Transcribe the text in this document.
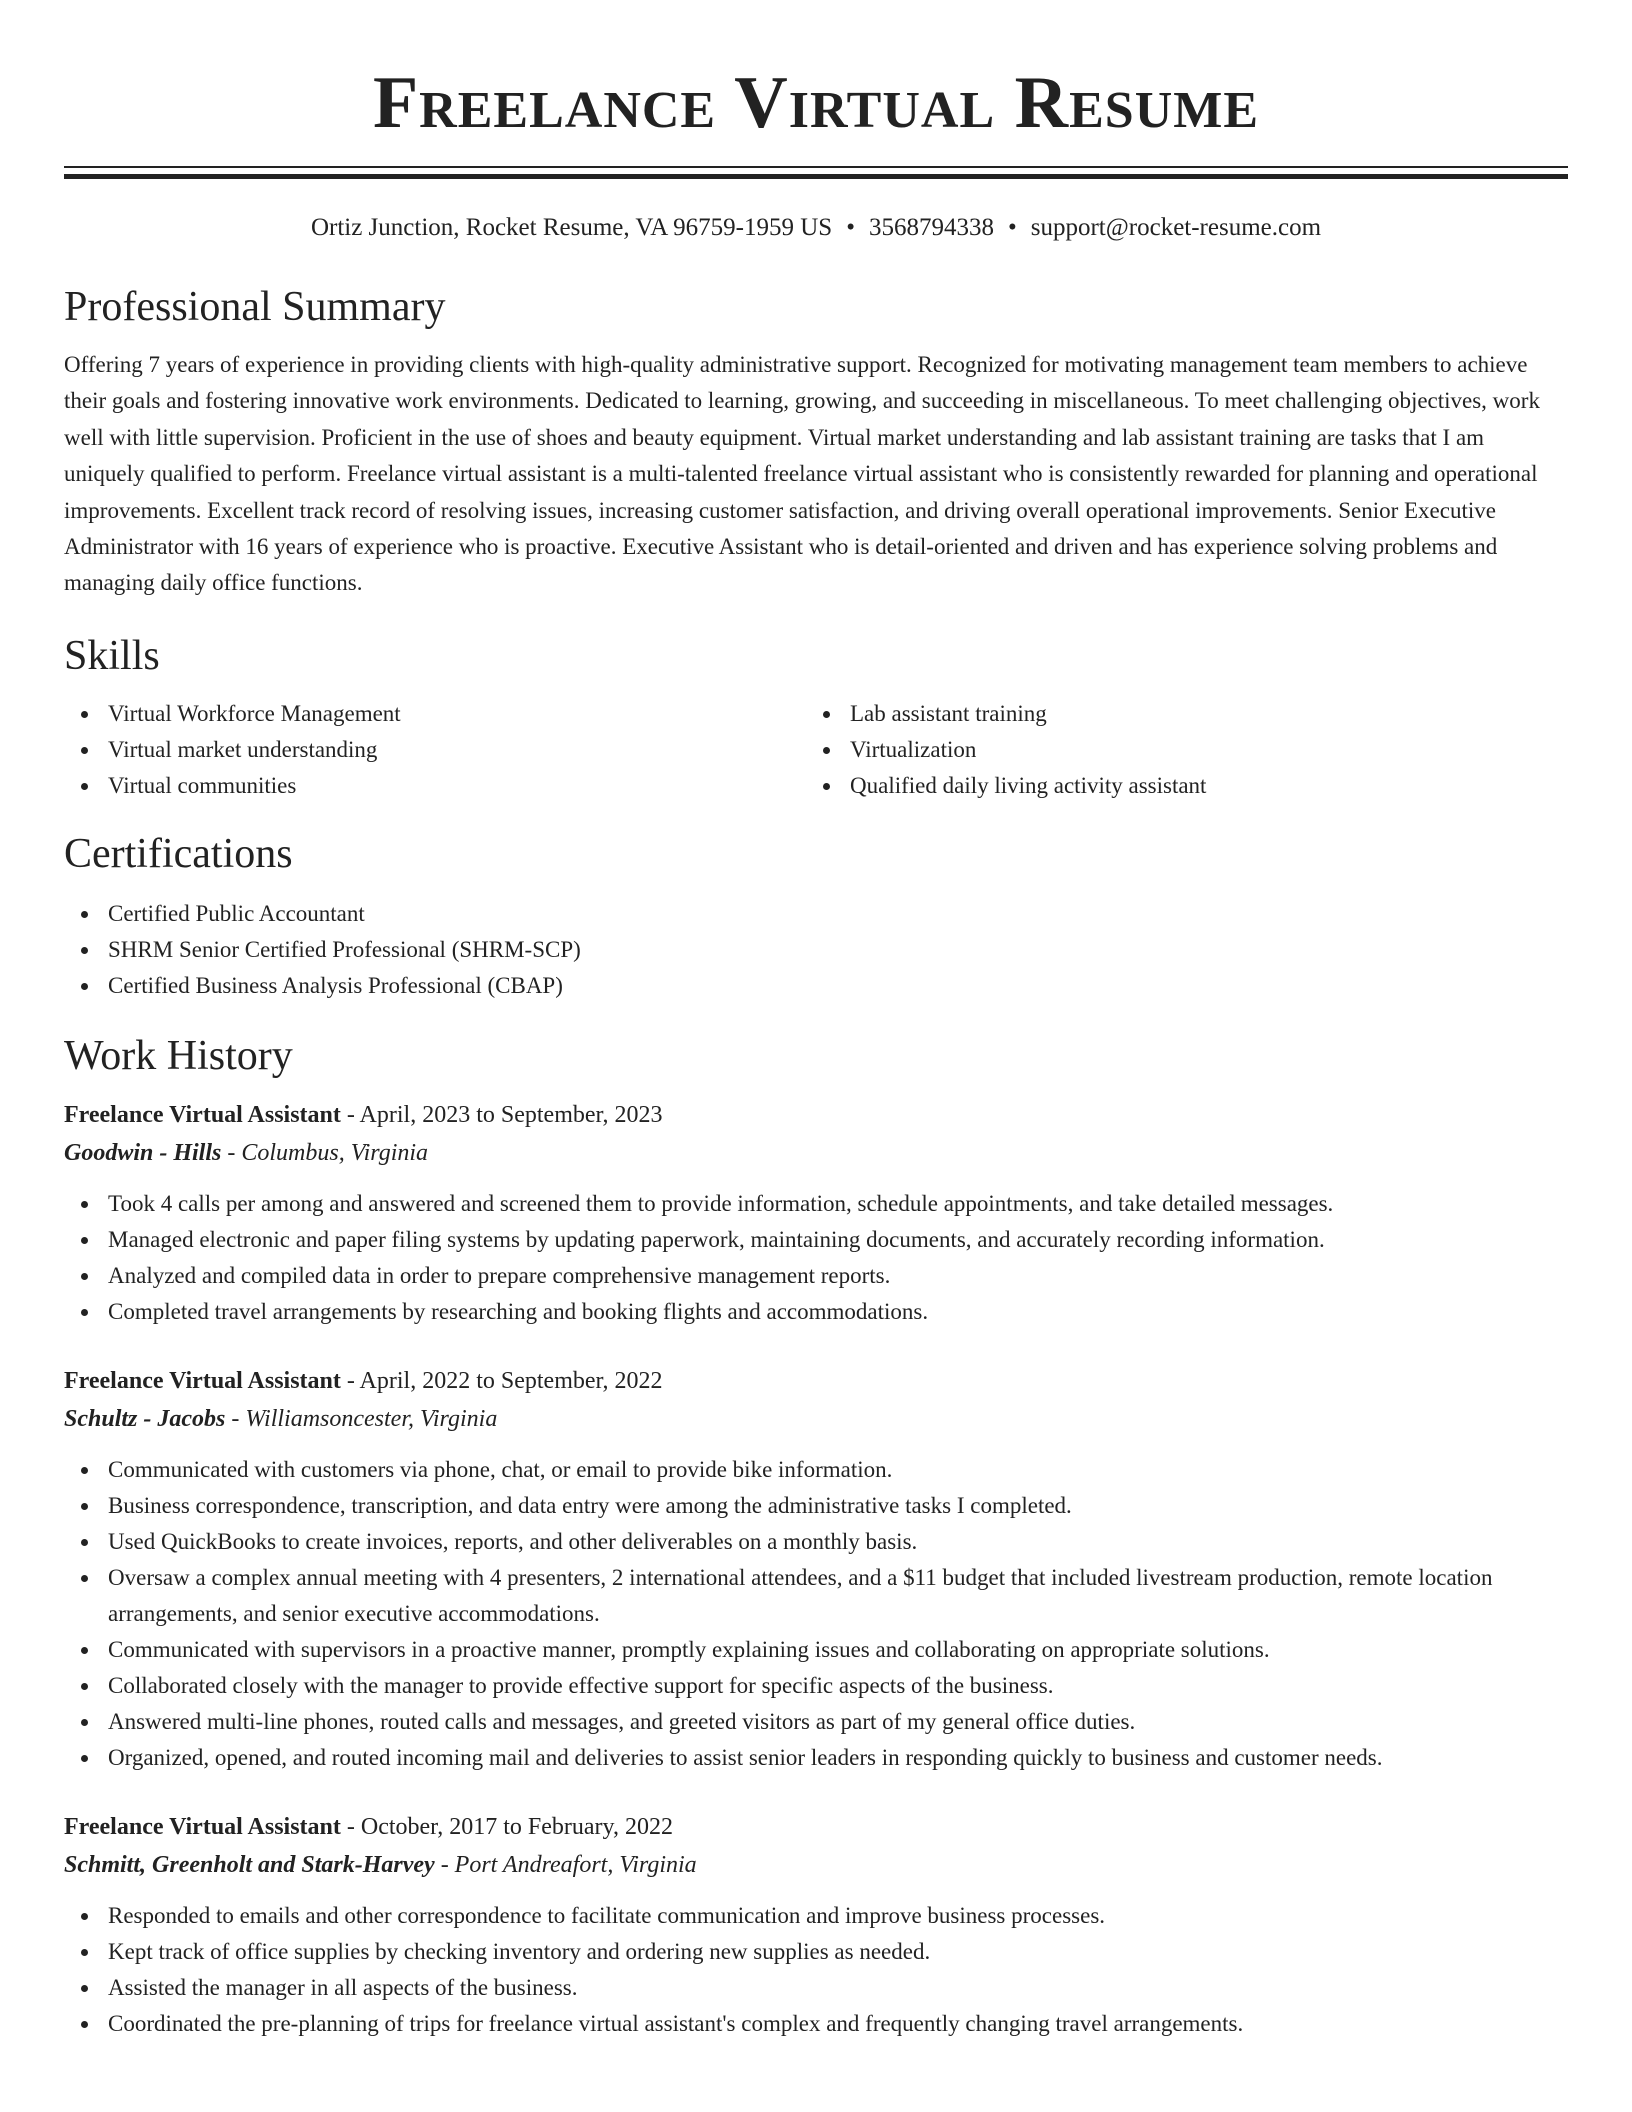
Freelance Virtual Resume
Ortiz Junction, Rocket Resume, VA 96759-1959 US • 3568794338 • support@rocket-resume.com
Professional Summary

Offering 7 years of experience in providing clients with high-quality administrative support. Recognized for motivating management team members to achieve their goals and fostering innovative work environments. Dedicated to learning, growing, and succeeding in miscellaneous. To meet challenging objectives, work well with little supervision. Proficient in the use of shoes and beauty equipment. Virtual market understanding and lab assistant training are tasks that I am uniquely qualified to perform. Freelance virtual assistant is a multi-talented freelance virtual assistant who is consistently rewarded for planning and operational improvements. Excellent track record of resolving issues, increasing customer satisfaction, and driving overall operational improvements. Senior Executive Administrator with 16 years of experience who is proactive. Executive Assistant who is detail-oriented and driven and has experience solving problems and managing daily office functions.

Skills
Virtual Workforce Management
Virtual market understanding
Virtual communities
Lab assistant training
Virtualization
Qualified daily living activity assistant
Certifications
Certified Public Accountant
SHRM Senior Certified Professional (SHRM-SCP)
Certified Business Analysis Professional (CBAP)
Work History
Freelance Virtual Assistant - April, 2023 to September, 2023
Goodwin - Hills - Columbus, Virginia
Took 4 calls per among and answered and screened them to provide information, schedule appointments, and take detailed messages.
Managed electronic and paper filing systems by updating paperwork, maintaining documents, and accurately recording information.
Analyzed and compiled data in order to prepare comprehensive management reports.
Completed travel arrangements by researching and booking flights and accommodations.
Freelance Virtual Assistant - April, 2022 to September, 2022
Schultz - Jacobs - Williamsoncester, Virginia
Communicated with customers via phone, chat, or email to provide bike information.
Business correspondence, transcription, and data entry were among the administrative tasks I completed.
Used QuickBooks to create invoices, reports, and other deliverables on a monthly basis.
Oversaw a complex annual meeting with 4 presenters, 2 international attendees, and a $11 budget that included livestream production, remote location arrangements, and senior executive accommodations.
Communicated with supervisors in a proactive manner, promptly explaining issues and collaborating on appropriate solutions.
Collaborated closely with the manager to provide effective support for specific aspects of the business.
Answered multi-line phones, routed calls and messages, and greeted visitors as part of my general office duties.
Organized, opened, and routed incoming mail and deliveries to assist senior leaders in responding quickly to business and customer needs.
Freelance Virtual Assistant - October, 2017 to February, 2022
Schmitt, Greenholt and Stark-Harvey - Port Andreafort, Virginia
Responded to emails and other correspondence to facilitate communication and improve business processes.
Kept track of office supplies by checking inventory and ordering new supplies as needed.
Assisted the manager in all aspects of the business.
Coordinated the pre-planning of trips for freelance virtual assistant's complex and frequently changing travel arrangements.
